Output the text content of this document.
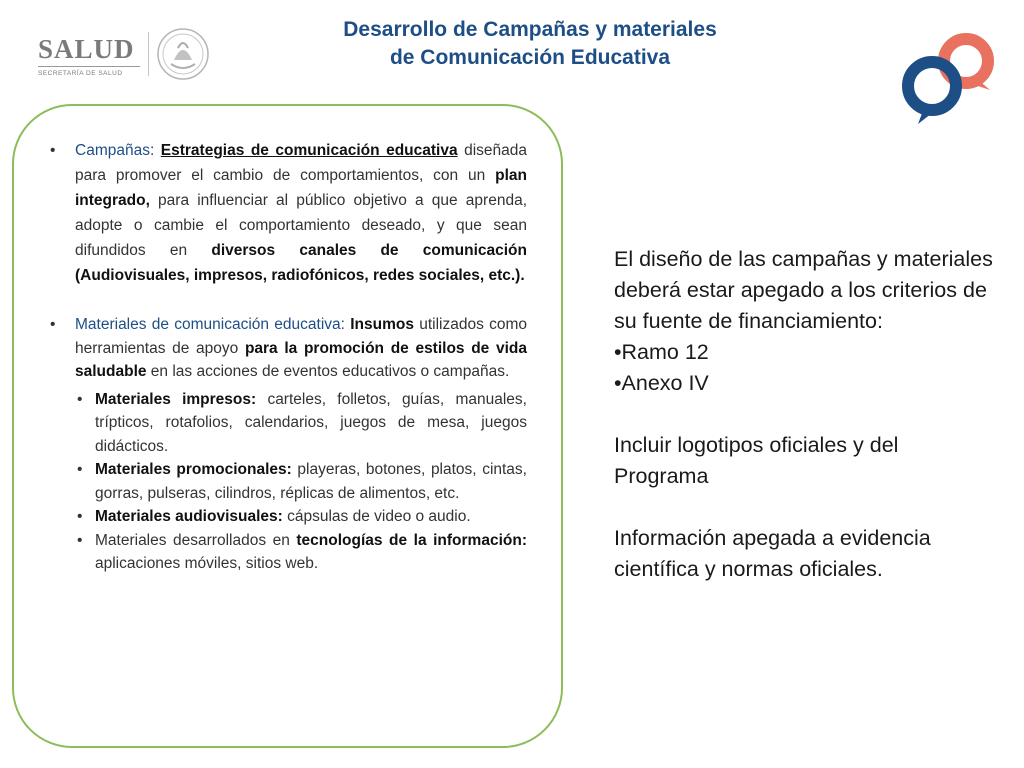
SALUD
SECRETARÍA DE SALUD
Desarrollo de Campañas y materiales
de Comunicación Educativa
• Campañas: Estrategias de comunicación educativa diseñada para promover el cambio de comportamientos, con un plan integrado, para influenciar al público objetivo a que aprenda, adopte o cambie el comportamiento deseado, y que sean difundidos en diversos canales de comunicación (Audiovisuales, impresos, radiofónicos, redes sociales, etc.).
• Materiales de comunicación educativa: Insumos utilizados como herramientas de apoyo para la promoción de estilos de vida saludable en las acciones de eventos educativos o campañas.
• Materiales impresos: carteles, folletos, guías, manuales, trípticos, rotafolios, calendarios, juegos de mesa, juegos didácticos.
• Materiales promocionales: playeras, botones, platos, cintas, gorras, pulseras, cilindros, réplicas de alimentos, etc.
• Materiales audiovisuales: cápsulas de video o audio.
• Materiales desarrollados en tecnologías de la información: aplicaciones móviles, sitios web.

El diseño de las campañas y materiales deberá estar apegado a los criterios de su fuente de financiamiento:

•Ramo 12

•Anexo IV

Incluir logotipos oficiales y del Programa

Información apegada a evidencia científica y normas oficiales.
